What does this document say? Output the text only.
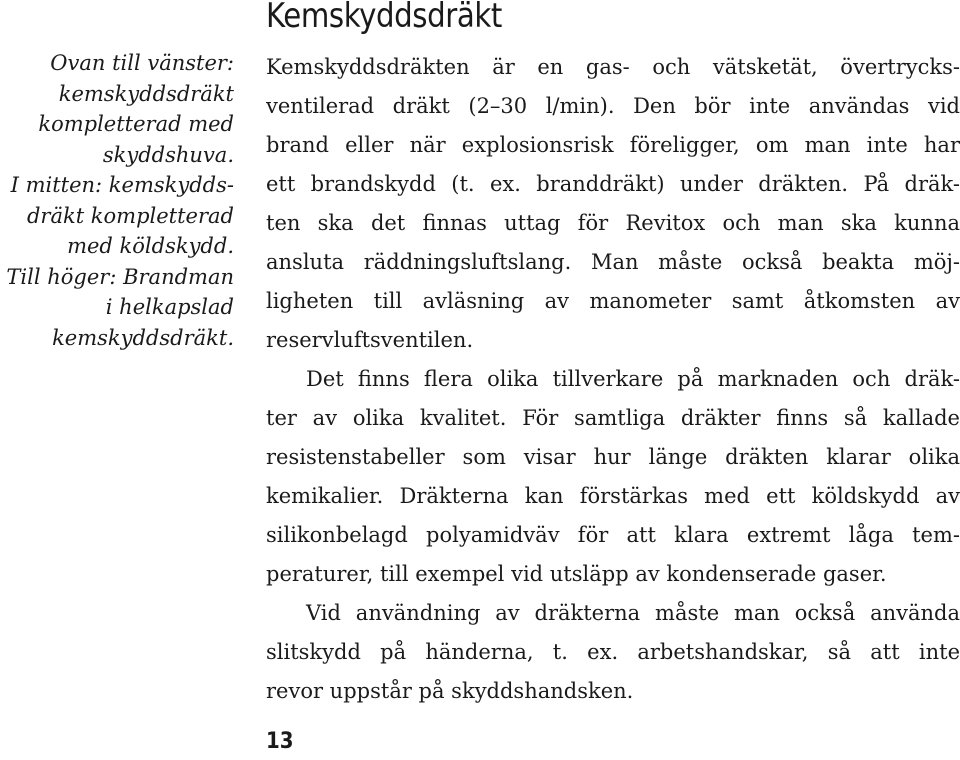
Ovan till vänster:
kemskyddsdräkt
kompletterad med
skyddshuva.
I mitten: kemskydds-
dräkt kompletterad
med köldskydd.
Till höger: Brandman
i helkapslad
kemskyddsdräkt.
Kemskyddsdräkt
Kemskyddsdräkten är en gas- och vätsketät, övertrycks-
ventilerad dräkt (2–30 l/min). Den bör inte användas vid
brand eller när explosionsrisk föreligger, om man inte har
ett brandskydd (t. ex. branddräkt) under dräkten. På dräk-
ten ska det finnas uttag för Revitox och man ska kunna
ansluta räddningsluftslang. Man måste också beakta möj-
ligheten till avläsning av manometer samt åtkomsten av
reservluftsventilen.
Det finns flera olika tillverkare på marknaden och dräk-
ter av olika kvalitet. För samtliga dräkter finns så kallade
resistenstabeller som visar hur länge dräkten klarar olika
kemikalier. Dräkterna kan förstärkas med ett köldskydd av
silikonbelagd polyamidväv för att klara extremt låga tem-
peraturer, till exempel vid utsläpp av kondenserade gaser.
Vid användning av dräkterna måste man också använda
slitskydd på händerna, t. ex. arbetshandskar, så att inte
revor uppstår på skyddshandsken.
13
